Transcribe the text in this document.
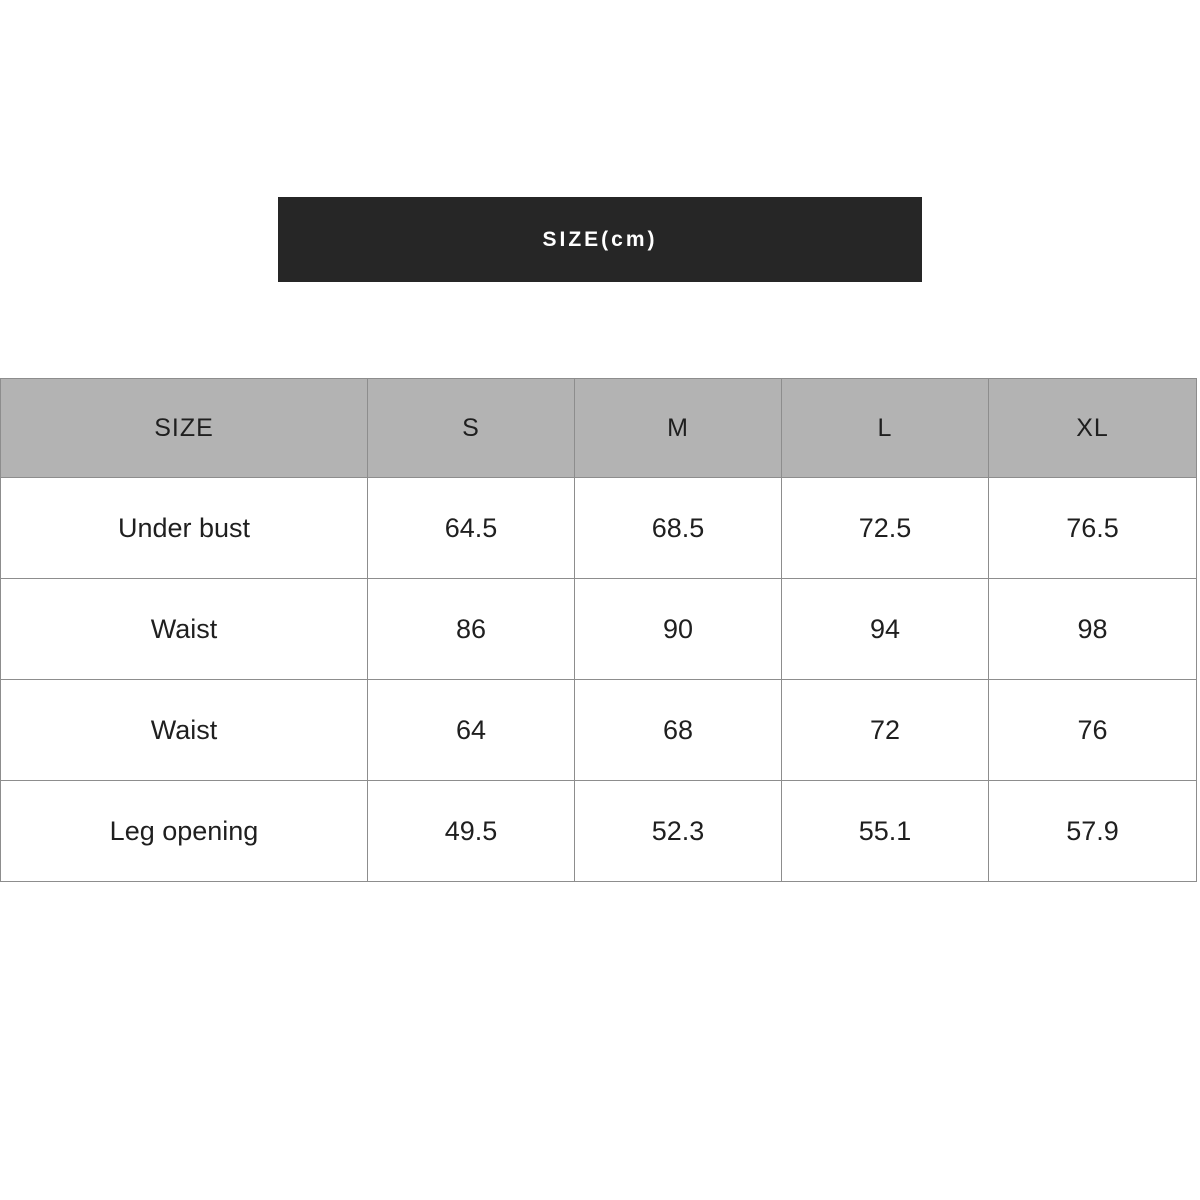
SIZE(cm)
SIZE	S	M	L	XL
Under bust	64.5	68.5	72.5	76.5
Waist	86	90	94	98
Waist	64	68	72	76
Leg opening	49.5	52.3	55.1	57.9
